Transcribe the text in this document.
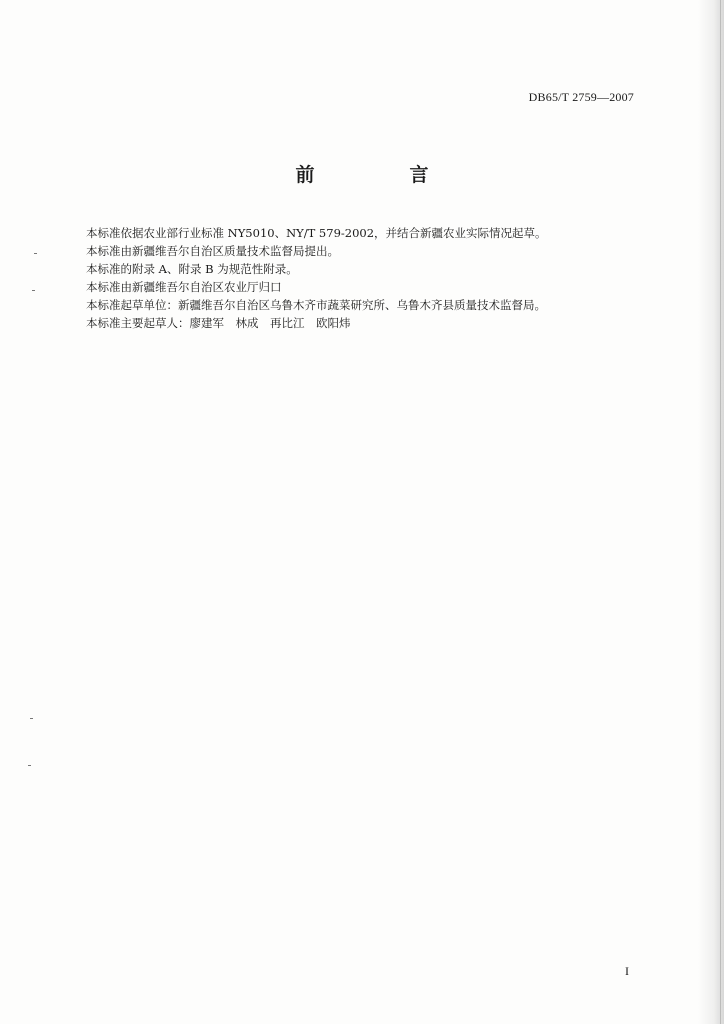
DB65/T 2759—2007
前　言

本标准依据农业部行业标准 NY5010、NY/T 579-2002，并结合新疆农业实际情况起草。

本标准由新疆维吾尔自治区质量技术监督局提出。

本标准的附录 A、附录 B 为规范性附录。

本标准由新疆维吾尔自治区农业厅归口

本标准起草单位：新疆维吾尔自治区乌鲁木齐市蔬菜研究所、乌鲁木齐县质量技术监督局。

本标准主要起草人：廖建军　林成　再比江　欧阳炜

I
